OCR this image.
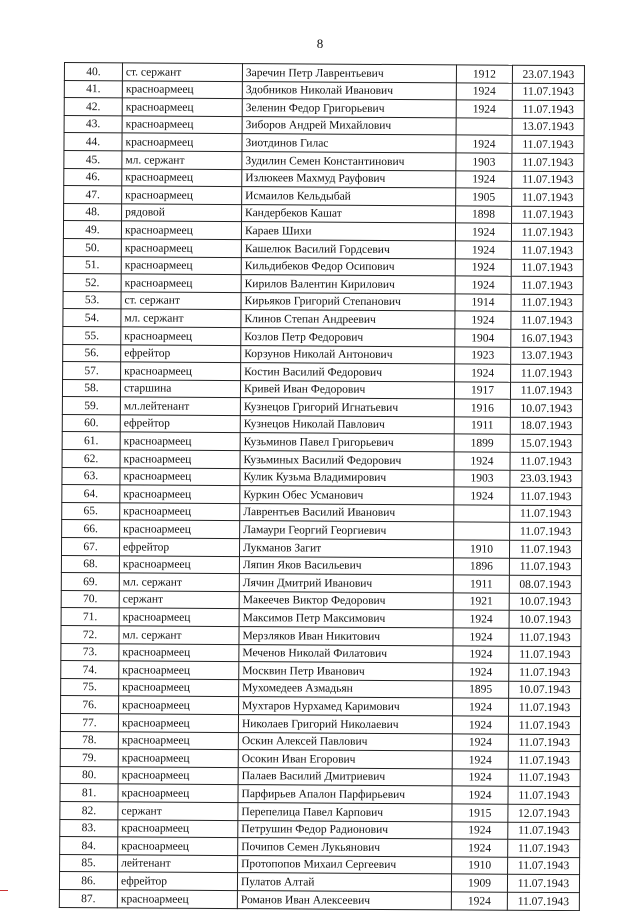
8
40.	ст. сержант	Заречин Петр Лаврентьевич	1912	23.07.1943
41.	красноармеец	Здобников Николай Иванович	1924	11.07.1943
42.	красноармеец	Зеленин Федор Григорьевич	1924	11.07.1943
43.	красноармеец	Зиборов Андрей Михайлович		13.07.1943
44.	красноармеец	Зиотдинов Гилас	1924	11.07.1943
45.	мл. сержант	Зудилин Семен Константинович	1903	11.07.1943
46.	красноармеец	Излюкеев Махмуд Рауфович	1924	11.07.1943
47.	красноармеец	Исмаилов Кельдыбай	1905	11.07.1943
48.	рядовой	Кандербеков Кашат	1898	11.07.1943
49.	красноармеец	Караев Шихи	1924	11.07.1943
50.	красноармеец	Кашелюк Василий Гордсевич	1924	11.07.1943
51.	красноармеец	Кильдибеков Федор Осипович	1924	11.07.1943
52.	красноармеец	Кирилов Валентин Кирилович	1924	11.07.1943
53.	ст. сержант	Кирьяков Григорий Степанович	1914	11.07.1943
54.	мл. сержант	Клинов Степан Андреевич	1924	11.07.1943
55.	красноармеец	Козлов Петр Федорович	1904	16.07.1943
56.	ефрейтор	Корзунов Николай Антонович	1923	13.07.1943
57.	красноармеец	Костин Василий Федорович	1924	11.07.1943
58.	старшина	Кривей Иван Федорович	1917	11.07.1943
59.	мл.лейтенант	Кузнецов Григорий Игнатьевич	1916	10.07.1943
60.	ефрейтор	Кузнецов Николай Павлович	1911	18.07.1943
61.	красноармеец	Кузьминов Павел Григорьевич	1899	15.07.1943
62.	красноармеец	Кузьминых Василий Федорович	1924	11.07.1943
63.	красноармеец	Кулик Кузьма Владимирович	1903	23.03.1943
64.	красноармеец	Куркин Обес Усманович	1924	11.07.1943
65.	красноармеец	Лаврентьев Василий Иванович		11.07.1943
66.	красноармеец	Ламаури Георгий Георгиевич		11.07.1943
67.	ефрейтор	Лукманов Загит	1910	11.07.1943
68.	красноармеец	Ляпин Яков Васильевич	1896	11.07.1943
69.	мл. сержант	Лячин Дмитрий Иванович	1911	08.07.1943
70.	сержант	Макеечев Виктор Федорович	1921	10.07.1943
71.	красноармеец	Максимов Петр Максимович	1924	10.07.1943
72.	мл. сержант	Мерзляков Иван Никитович	1924	11.07.1943
73.	красноармеец	Меченов Николай Филатович	1924	11.07.1943
74.	красноармеец	Москвин Петр Иванович	1924	11.07.1943
75.	красноармеец	Мухомедеев Азмадьян	1895	10.07.1943
76.	красноармеец	Мухтаров Нурхамед Каримович	1924	11.07.1943
77.	красноармеец	Николаев Григорий Николаевич	1924	11.07.1943
78.	красноармеец	Оскин Алексей Павлович	1924	11.07.1943
79.	красноармеец	Осокин Иван Егорович	1924	11.07.1943
80.	красноармеец	Палаев Василий Дмитриевич	1924	11.07.1943
81.	красноармеец	Парфирьев Апалон Парфирьевич	1924	11.07.1943
82.	сержант	Перепелица Павел Карпович	1915	12.07.1943
83.	красноармеец	Петрушин Федор Радионович	1924	11.07.1943
84.	красноармеец	Почипов Семен Лукьянович	1924	11.07.1943
85.	лейтенант	Протопопов Михаил Сергеевич	1910	11.07.1943
86.	ефрейтор	Пулатов Алтай	1909	11.07.1943
87.	красноармеец	Романов Иван Алексеевич	1924	11.07.1943
